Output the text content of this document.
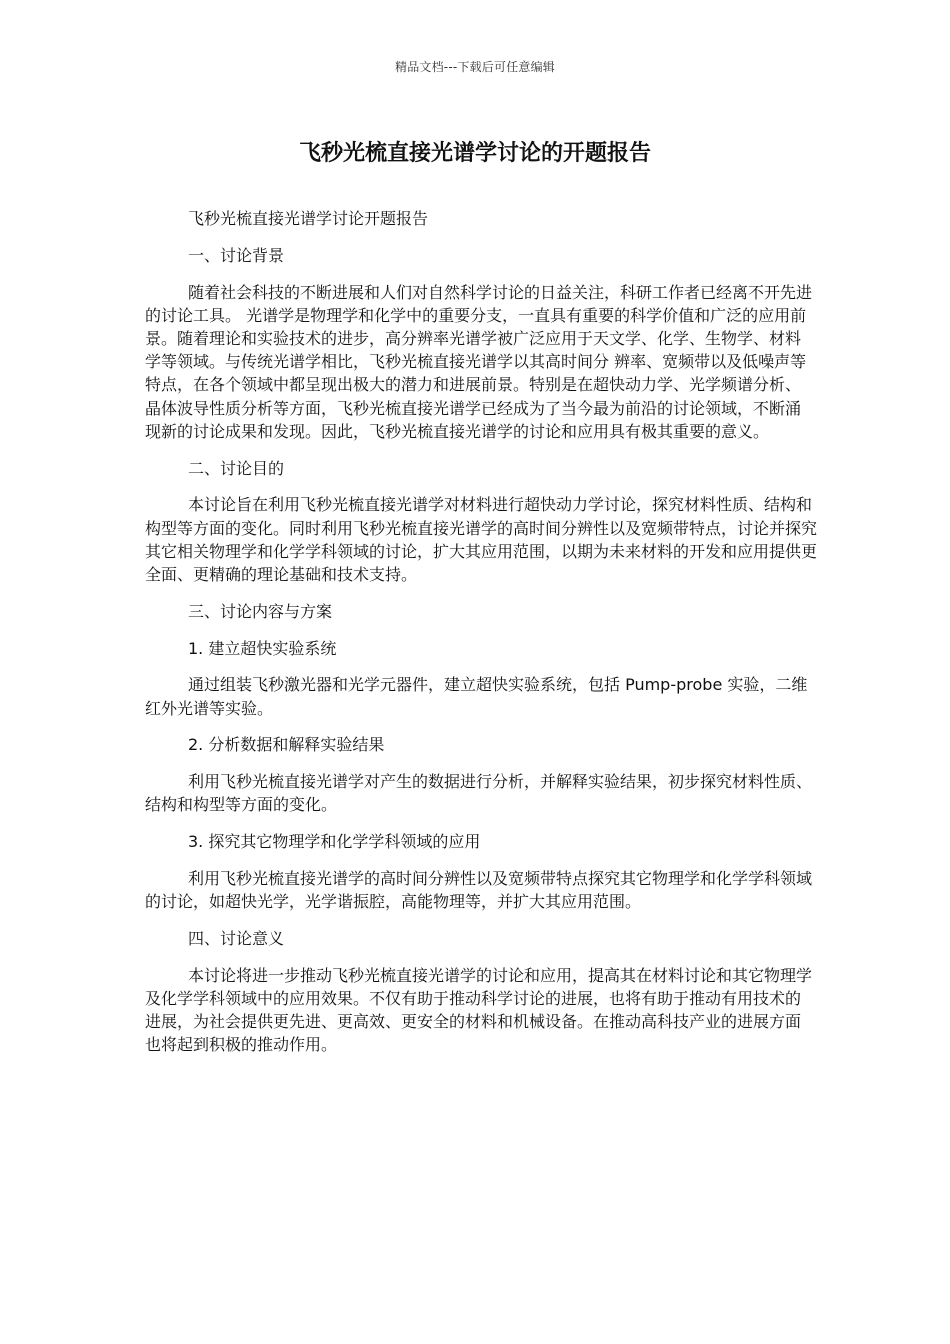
精品文档---下载后可任意编辑
飞秒光梳直接光谱学讨论的开题报告

飞秒光梳直接光谱学讨论开题报告

一、讨论背景

随着社会科技的不断进展和人们对自然科学讨论的日益关注，科研工作者已经离不开先进的讨论工具。 光谱学是物理学和化学中的重要分支，一直具有重要的科学价值和广泛的应用前景。随着理论和实验技术的进步，高分辨率光谱学被广泛应用于天文学、化学、生物学、材料学等领域。与传统光谱学相比，飞秒光梳直接光谱学以其高时间分 辨率、宽频带以及低噪声等特点，在各个领域中都呈现出极大的潜力和进展前景。特别是在超快动力学、光学频谱分析、晶体波导性质分析等方面，飞秒光梳直接光谱学已经成为了当今最为前沿的讨论领域，不断涌现新的讨论成果和发现。因此，飞秒光梳直接光谱学的讨论和应用具有极其重要的意义。

二、讨论目的

本讨论旨在利用飞秒光梳直接光谱学对材料进行超快动力学讨论，探究材料性质、结构和构型等方面的变化。同时利用飞秒光梳直接光谱学的高时间分辨性以及宽频带特点，讨论并探究其它相关物理学和化学学科领域的讨论，扩大其应用范围，以期为未来材料的开发和应用提供更全面、更精确的理论基础和技术支持。

三、讨论内容与方案

1. 建立超快实验系统

通过组装飞秒激光器和光学元器件，建立超快实验系统，包括 Pump-probe 实验，二维红外光谱等实验。

2. 分析数据和解释实验结果

利用飞秒光梳直接光谱学对产生的数据进行分析，并解释实验结果，初步探究材料性质、结构和构型等方面的变化。

3. 探究其它物理学和化学学科领域的应用

利用飞秒光梳直接光谱学的高时间分辨性以及宽频带特点探究其它物理学和化学学科领域的讨论，如超快光学，光学谐振腔，高能物理等，并扩大其应用范围。

四、讨论意义

本讨论将进一步推动飞秒光梳直接光谱学的讨论和应用，提高其在材料讨论和其它物理学及化学学科领域中的应用效果。不仅有助于推动科学讨论的进展，也将有助于推动有用技术的进展，为社会提供更先进、更高效、更安全的材料和机械设备。在推动高科技产业的进展方面也将起到积极的推动作用。
